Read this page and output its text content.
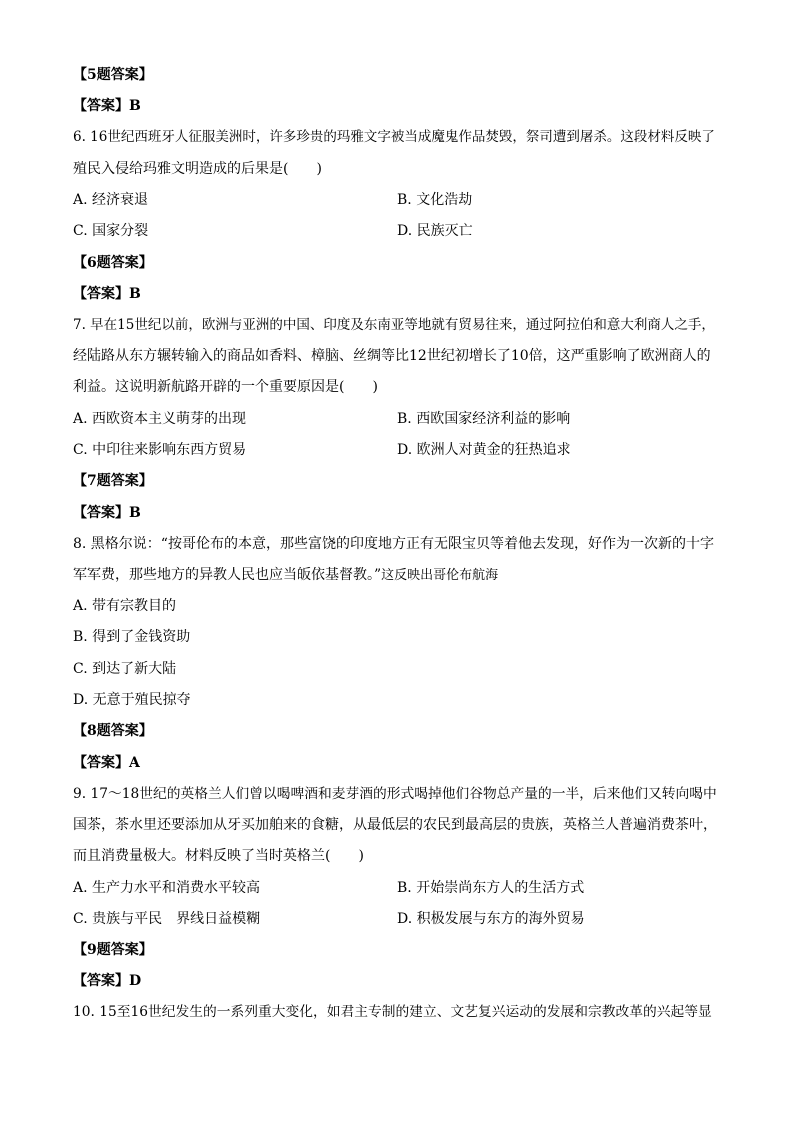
【5题答案】
【答案】B
6. 16世纪西班牙人征服美洲时，许多珍贵的玛雅文字被当成魔鬼作品焚毁，祭司遭到屠杀。这段材料反映了
殖民入侵给玛雅文明造成的后果是(　　)
A. 经济衰退	B. 文化浩劫
C. 国家分裂	D. 民族灭亡
【6题答案】
【答案】B
7. 早在15世纪以前，欧洲与亚洲的中国、印度及东南亚等地就有贸易往来，通过阿拉伯和意大利商人之手，
经陆路从东方辗转输入的商品如香料、樟脑、丝绸等比12世纪初增长了10倍，这严重影响了欧洲商人的
利益。这说明新航路开辟的一个重要原因是(　　)
A. 西欧资本主义萌芽的出现	B. 西欧国家经济利益的影响
C. 中印往来影响东西方贸易	D. 欧洲人对黄金的狂热追求
【7题答案】
【答案】B
8. 黑格尔说：“按哥伦布的本意，那些富饶的印度地方正有无限宝贝等着他去发现，好作为一次新的十字
军军费，那些地方的异教人民也应当皈依基督教。”这反映出哥伦布航海
A. 带有宗教目的
B. 得到了金钱资助
C. 到达了新大陆
D. 无意于殖民掠夺
【8题答案】
【答案】A
9. 17～18世纪的英格兰人们曾以喝啤酒和麦芽酒的形式喝掉他们谷物总产量的一半，后来他们又转向喝中
国茶，茶水里还要添加从牙买加舶来的食糖，从最低层的农民到最高层的贵族，英格兰人普遍消费茶叶，
而且消费量极大。材料反映了当时英格兰(　　)
A. 生产力水平和消费水平较高	B. 开始崇尚东方人的生活方式
C. 贵族与平民　界线日益模糊	D. 积极发展与东方的海外贸易
【9题答案】
【答案】D
10. 15至16世纪发生的一系列重大变化，如君主专制的建立、文艺复兴运动的发展和宗教改革的兴起等显
